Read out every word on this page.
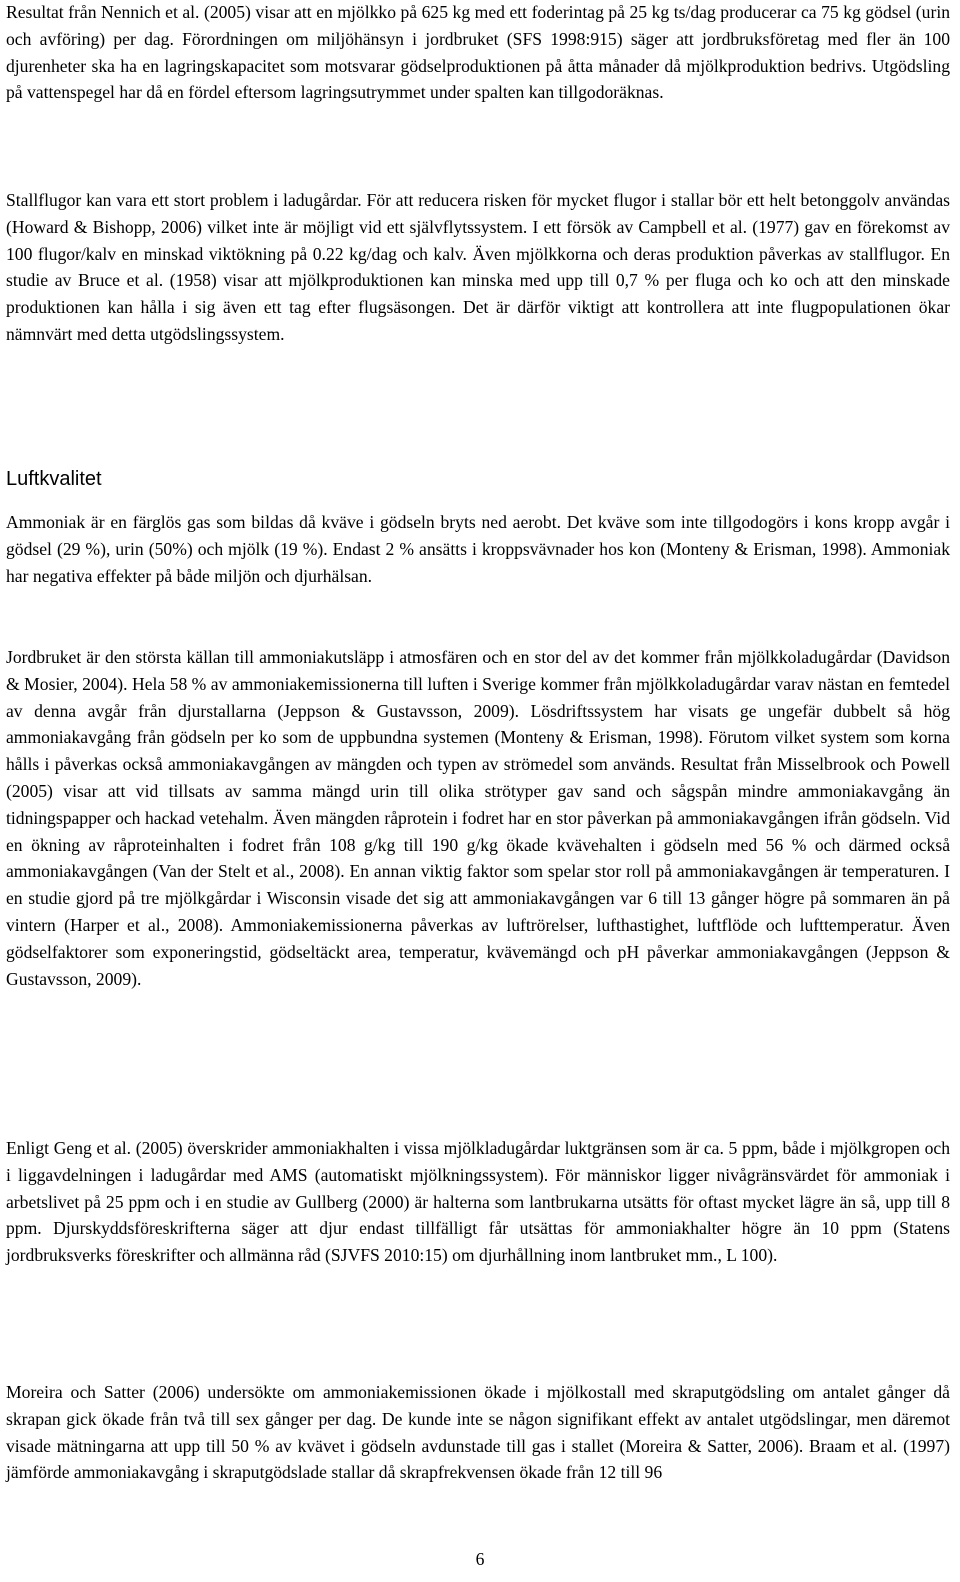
Resultat från Nennich et al. (2005) visar att en mjölkko på 625 kg med ett foderintag på 25 kg ts/dag producerar ca 75 kg gödsel (urin och avföring) per dag. Förordningen om miljöhänsyn i jordbruket (SFS 1998:915) säger att jordbruksföretag med fler än 100 djurenheter ska ha en lagringskapacitet som motsvarar gödselproduktionen på åtta månader då mjölkproduktion bedrivs. Utgödsling på vattenspegel har då en fördel eftersom lagringsutrymmet under spalten kan tillgodoräknas.

Stallflugor kan vara ett stort problem i ladugårdar. För att reducera risken för mycket flugor i stallar bör ett helt betonggolv användas (Howard & Bishopp, 2006) vilket inte är möjligt vid ett självflytssystem. I ett försök av Campbell et al. (1977) gav en förekomst av 100 flugor/kalv en minskad viktökning på 0.22 kg/dag och kalv. Även mjölkkorna och deras produktion påverkas av stallflugor. En studie av Bruce et al. (1958) visar att mjölkproduktionen kan minska med upp till 0,7 % per fluga och ko och att den minskade produktionen kan hålla i sig även ett tag efter flugsäsongen. Det är därför viktigt att kontrollera att inte flugpopulationen ökar nämnvärt med detta utgödslingssystem.

Luftkvalitet

Ammoniak är en färglös gas som bildas då kväve i gödseln bryts ned aerobt. Det kväve som inte tillgodogörs i kons kropp avgår i gödsel (29 %), urin (50%) och mjölk (19 %). Endast 2 % ansätts i kroppsvävnader hos kon (Monteny & Erisman, 1998). Ammoniak har negativa effekter på både miljön och djurhälsan.

Jordbruket är den största källan till ammoniakutsläpp i atmosfären och en stor del av det kommer från mjölkkoladugårdar (Davidson & Mosier, 2004). Hela 58 % av ammoniakemissionerna till luften i Sverige kommer från mjölkkoladugårdar varav nästan en femtedel av denna avgår från djurstallarna (Jeppson & Gustavsson, 2009). Lösdriftssystem har visats ge ungefär dubbelt så hög ammoniakavgång från gödseln per ko som de uppbundna systemen (Monteny & Erisman, 1998). Förutom vilket system som korna hålls i påverkas också ammoniakavgången av mängden och typen av strömedel som används. Resultat från Misselbrook och Powell (2005) visar att vid tillsats av samma mängd urin till olika strötyper gav sand och sågspån mindre ammoniakavgång än tidningspapper och hackad vetehalm. Även mängden råprotein i fodret har en stor påverkan på ammoniakavgången ifrån gödseln. Vid en ökning av råproteinhalten i fodret från 108 g/kg till 190 g/kg ökade kvävehalten i gödseln med 56 % och därmed också ammoniakavgången (Van der Stelt et al., 2008). En annan viktig faktor som spelar stor roll på ammoniakavgången är temperaturen. I en studie gjord på tre mjölkgårdar i Wisconsin visade det sig att ammoniakavgången var 6 till 13 gånger högre på sommaren än på vintern (Harper et al., 2008). Ammoniakemissionerna påverkas av luftrörelser, lufthastighet, luftflöde och lufttemperatur. Även gödselfaktorer som exponeringstid, gödseltäckt area, temperatur, kvävemängd och pH påverkar ammoniakavgången (Jeppson & Gustavsson, 2009).

Enligt Geng et al. (2005) överskrider ammoniakhalten i vissa mjölkladugårdar luktgränsen som är ca. 5 ppm, både i mjölkgropen och i liggavdelningen i ladugårdar med AMS (automatiskt mjölkningssystem). För människor ligger nivågränsvärdet för ammoniak i arbetslivet på 25 ppm och i en studie av Gullberg (2000) är halterna som lantbrukarna utsätts för oftast mycket lägre än så, upp till 8 ppm. Djurskyddsföreskrifterna säger att djur endast tillfälligt får utsättas för ammoniakhalter högre än 10 ppm (Statens jordbruksverks föreskrifter och allmänna råd (SJVFS 2010:15) om djurhållning inom lantbruket mm., L 100).

Moreira och Satter (2006) undersökte om ammoniakemissionen ökade i mjölkostall med skraputgödsling om antalet gånger då skrapan gick ökade från två till sex gånger per dag. De kunde inte se någon signifikant effekt av antalet utgödslingar, men däremot visade mätningarna att upp till 50 % av kvävet i gödseln avdunstade till gas i stallet (Moreira & Satter, 2006). Braam et al. (1997) jämförde ammoniakavgång i skraputgödslade stallar då skrapfrekvensen ökade från 12 till 96

6
